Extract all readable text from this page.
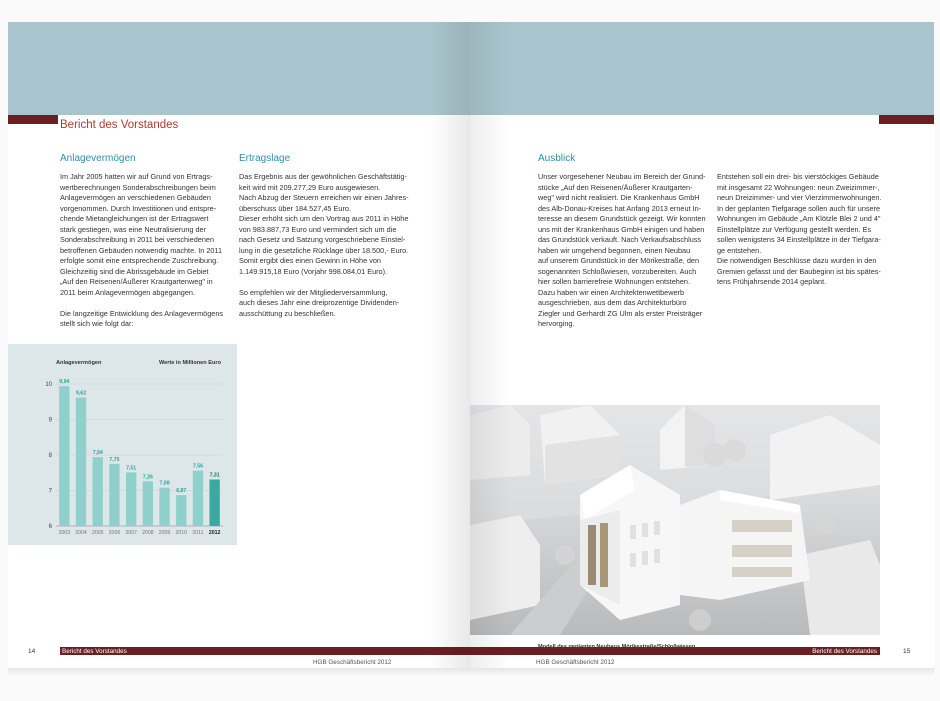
Bericht des Vorstandes
Anlagevermögen

Im Jahr 2005 hatten wir auf Grund von Ertrags-

wertberechnungen Sonderabschreibungen beim

Anlagevermögen an verschiedenen Gebäuden

vorgenommen. Durch Investitionen und entspre-

chende Mietangleichungen ist der Ertragswert

stark gestiegen, was eine Neutralisierung der

Sonderabschreibung in 2011 bei verschiedenen

betroffenen Gebäuden notwendig machte. In 2011

erfolgte somit eine entsprechende Zuschreibung.

Gleichzeitig sind die Abrissgebäude im Gebiet

„Auf den Reisenen/Äußerer Krautgartenweg" in

2011 beim Anlagevermögen abgegangen.

Die langzeitige Entwicklung des Anlagevermögens

stellt sich wie folgt dar:

Ertragslage

Das Ergebnis aus der gewöhnlichen Geschäftstätig-

keit wird mit 209.277,29 Euro ausgewiesen.

Nach Abzug der Steuern erreichen wir einen Jahres-

überschuss über 184.527,45 Euro.

Dieser erhöht sich um den Vortrag aus 2011 in Höhe

von 983.887,73 Euro und vermindert sich um die

nach Gesetz und Satzung vorgeschriebene Einstel-

lung in die gesetzliche Rücklage über 18.500,- Euro.

Somit ergibt dies einen Gewinn in Höhe von

1.149.915,18 Euro (Vorjahr 998.084,01 Euro).

So empfehlen wir der Mitgliederversammlung,

auch dieses Jahr eine dreiprozentige Dividenden-

ausschüttung zu beschließen.

Anlagevermögen	Werte in Millionen Euro
6
7
8
9
10 9,94
2003
9,62
2004
7,94
2005
7,75
2006
7,51
2007
7,26
2008
7,08
2009
6,87
2010
7,56
2011
7,31
2012
14	Bericht des Vorstandes
HGB Geschäftsbericht 2012
Ausblick

Unser vorgesehener Neubau im Bereich der Grund-

stücke „Auf den Reisenen/Äußerer Krautgarten-

weg" wird nicht realisiert. Die Krankenhaus GmbH

des Alb-Donau-Kreises hat Anfang 2013 erneut In-

teresse an diesem Grundstück gezeigt. Wir konnten

uns mit der Krankenhaus GmbH einigen und haben

das Grundstück verkauft. Nach Verkaufsabschluss

haben wir umgehend begonnen, einen Neubau

auf unserem Grundstück in der Mörikestraße, den

sogenannten Schloßwiesen, vorzubereiten. Auch

hier sollen barrierefreie Wohnungen entstehen.

Dazu haben wir einen Architektenwettbewerb

ausgeschrieben, aus dem das Architekturbüro

Ziegler und Gerhardt ZG Ulm als erster Preisträger

hervorging.

Entstehen soll ein drei- bis vierstöckiges Gebäude

mit insgesamt 22 Wohnungen: neun Zweizimmer-,

neun Dreizimmer- und vier Vierzimmerwohnungen.

In der geplanten Tiefgarage sollen auch für unsere

Wohnungen im Gebäude „Am Klötzle Blei 2 und 4"

Einstellplätze zur Verfügung gestellt werden. Es

sollen wenigstens 34 Einstellplätze in der Tiefgara-

ge entstehen.

Die notwendigen Beschlüsse dazu wurden in den

Gremien gefasst und der Baubeginn ist bis spätes-

tens Frühjahrsende 2014 geplant.

Bericht des Vorstandes	15
HGB Geschäftsbericht 2012
